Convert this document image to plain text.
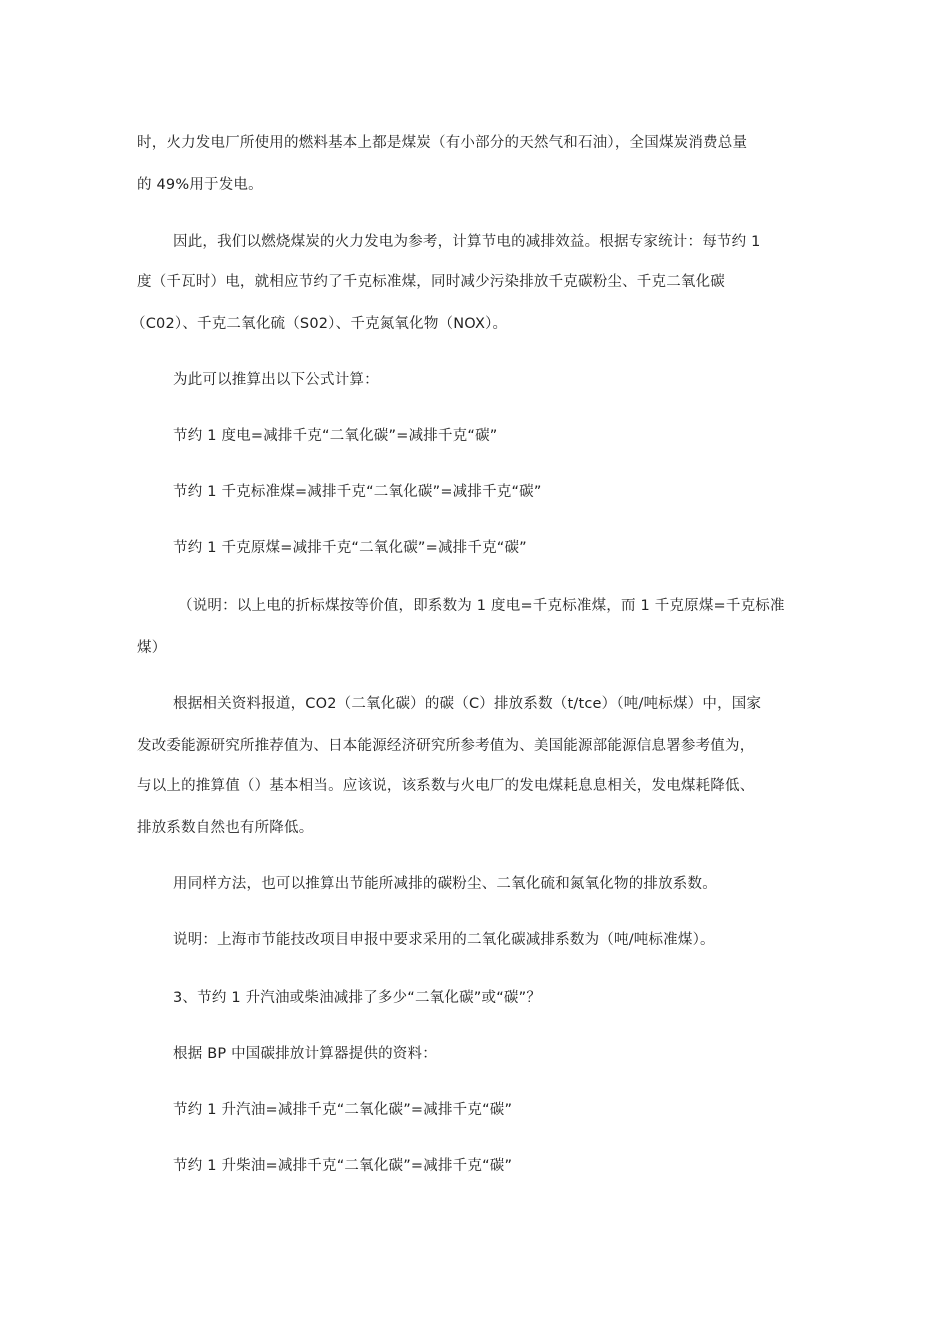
时，火力发电厂所使用的燃料基本上都是煤炭（有小部分的天然气和石油），全国煤炭消费总量
的 49%用于发电。
因此，我们以燃烧煤炭的火力发电为参考，计算节电的减排效益。根据专家统计：每节约 1
度（千瓦时）电，就相应节约了千克标准煤，同时减少污染排放千克碳粉尘、千克二氧化碳
（C02）、千克二氧化硫（S02）、千克氮氧化物（NOX）。
为此可以推算出以下公式计算：
节约 1 度电=减排千克“二氧化碳”=减排千克“碳”
节约 1 千克标准煤=减排千克“二氧化碳”=减排千克“碳”
节约 1 千克原煤=减排千克“二氧化碳”=减排千克“碳”
（说明：以上电的折标煤按等价值，即系数为 1 度电=千克标准煤，而 1 千克原煤=千克标准
煤）
根据相关资料报道，CO2（二氧化碳）的碳（C）排放系数（t/tce）（吨/吨标煤）中，国家
发改委能源研究所推荐值为、日本能源经济研究所参考值为、美国能源部能源信息署参考值为，
与以上的推算值（）基本相当。应该说，该系数与火电厂的发电煤耗息息相关，发电煤耗降低、
排放系数自然也有所降低。
用同样方法，也可以推算出节能所减排的碳粉尘、二氧化硫和氮氧化物的排放系数。
说明：上海市节能技改项目申报中要求采用的二氧化碳减排系数为（吨/吨标准煤）。
3、节约 1 升汽油或柴油减排了多少“二氧化碳”或“碳”？
根据 BP 中国碳排放计算器提供的资料：
节约 1 升汽油=减排千克“二氧化碳”=减排千克“碳”
节约 1 升柴油=减排千克“二氧化碳”=减排千克“碳”
